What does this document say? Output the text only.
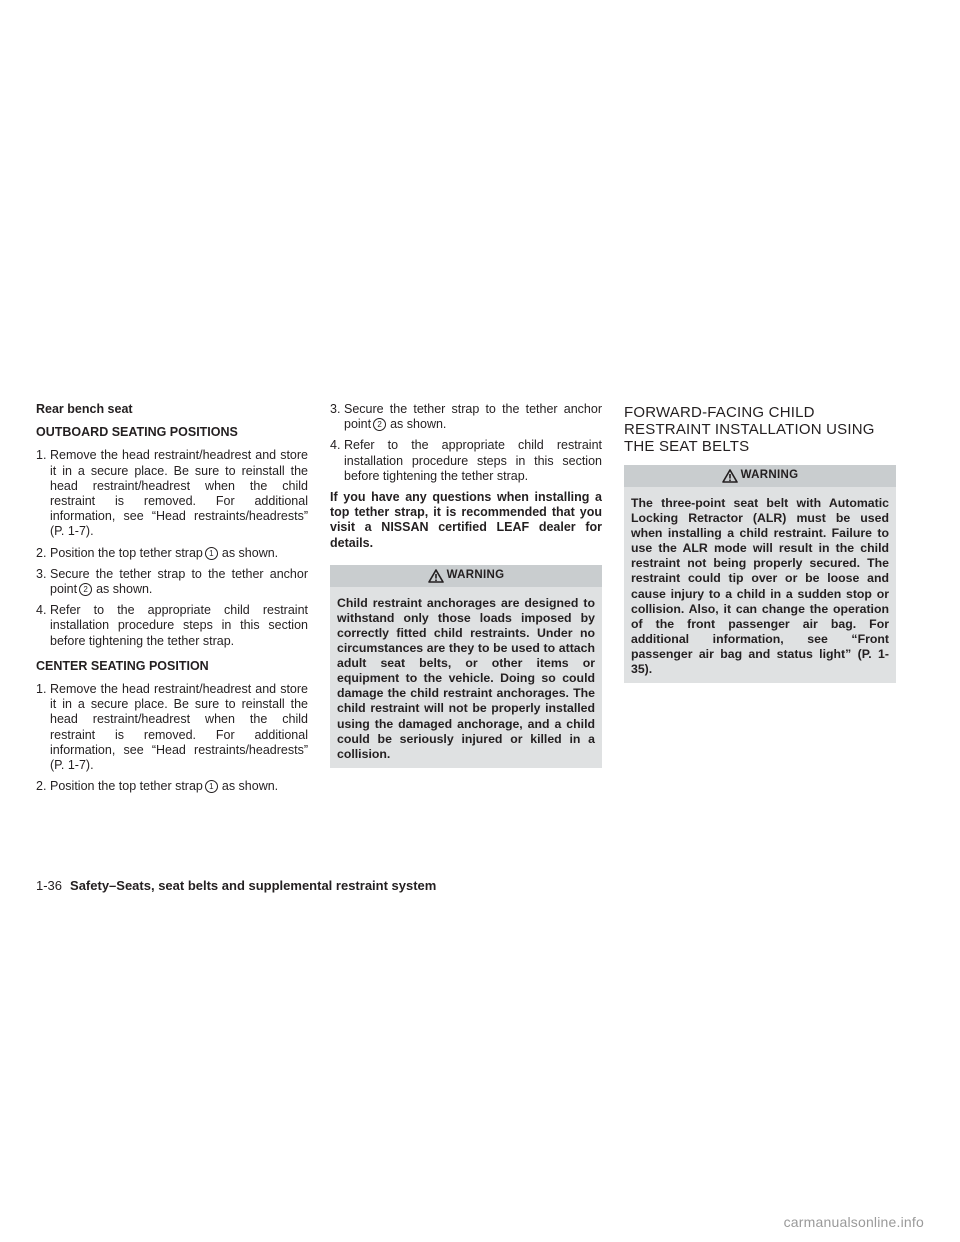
Rear bench seat

OUTBOARD SEATING POSITIONS

1. Remove the head restraint/headrest and store it in a secure place. Be sure to reinstall the head restraint/headrest when the child restraint is removed. For additional information, see “Head restraints/headrests” (P. 1-7).
2. Position the top tether strap 1 as shown.
3. Secure the tether strap to the tether anchor point 2 as shown.
4. Refer to the appropriate child restraint installation procedure steps in this section before tightening the tether strap.

CENTER SEATING POSITION

1. Remove the head restraint/headrest and store it in a secure place. Be sure to reinstall the head restraint/headrest when the child restraint is removed. For additional information, see “Head restraints/headrests” (P. 1-7).
2. Position the top tether strap 1 as shown.
3. Secure the tether strap to the tether anchor point 2 as shown.
4. Refer to the appropriate child restraint installation procedure steps in this section before tightening the tether strap.

If you have any questions when installing a top tether strap, it is recommended that you visit a NISSAN certified LEAF dealer for details.

WARNING
Child restraint anchorages are designed to withstand only those loads imposed by correctly fitted child restraints. Under no circumstances are they to be used to attach adult seat belts, or other items or equipment to the vehicle. Doing so could damage the child restraint anchorages. The child restraint will not be properly installed using the damaged anchorage, and a child could be seriously injured or killed in a collision.
FORWARD-FACING CHILD RESTRAINT INSTALLATION USING THE SEAT BELTS
WARNING
The three-point seat belt with Automatic Locking Retractor (ALR) must be used when installing a child restraint. Failure to use the ALR mode will result in the child restraint not being properly secured. The restraint could tip over or be loose and cause injury to a child in a sudden stop or collision. Also, it can change the operation of the front passenger air bag. For additional information, see “Front passenger air bag and status light” (P. 1-35).
1-36 Safety–Seats, seat belts and supplemental restraint system
carmanualsonline.info
